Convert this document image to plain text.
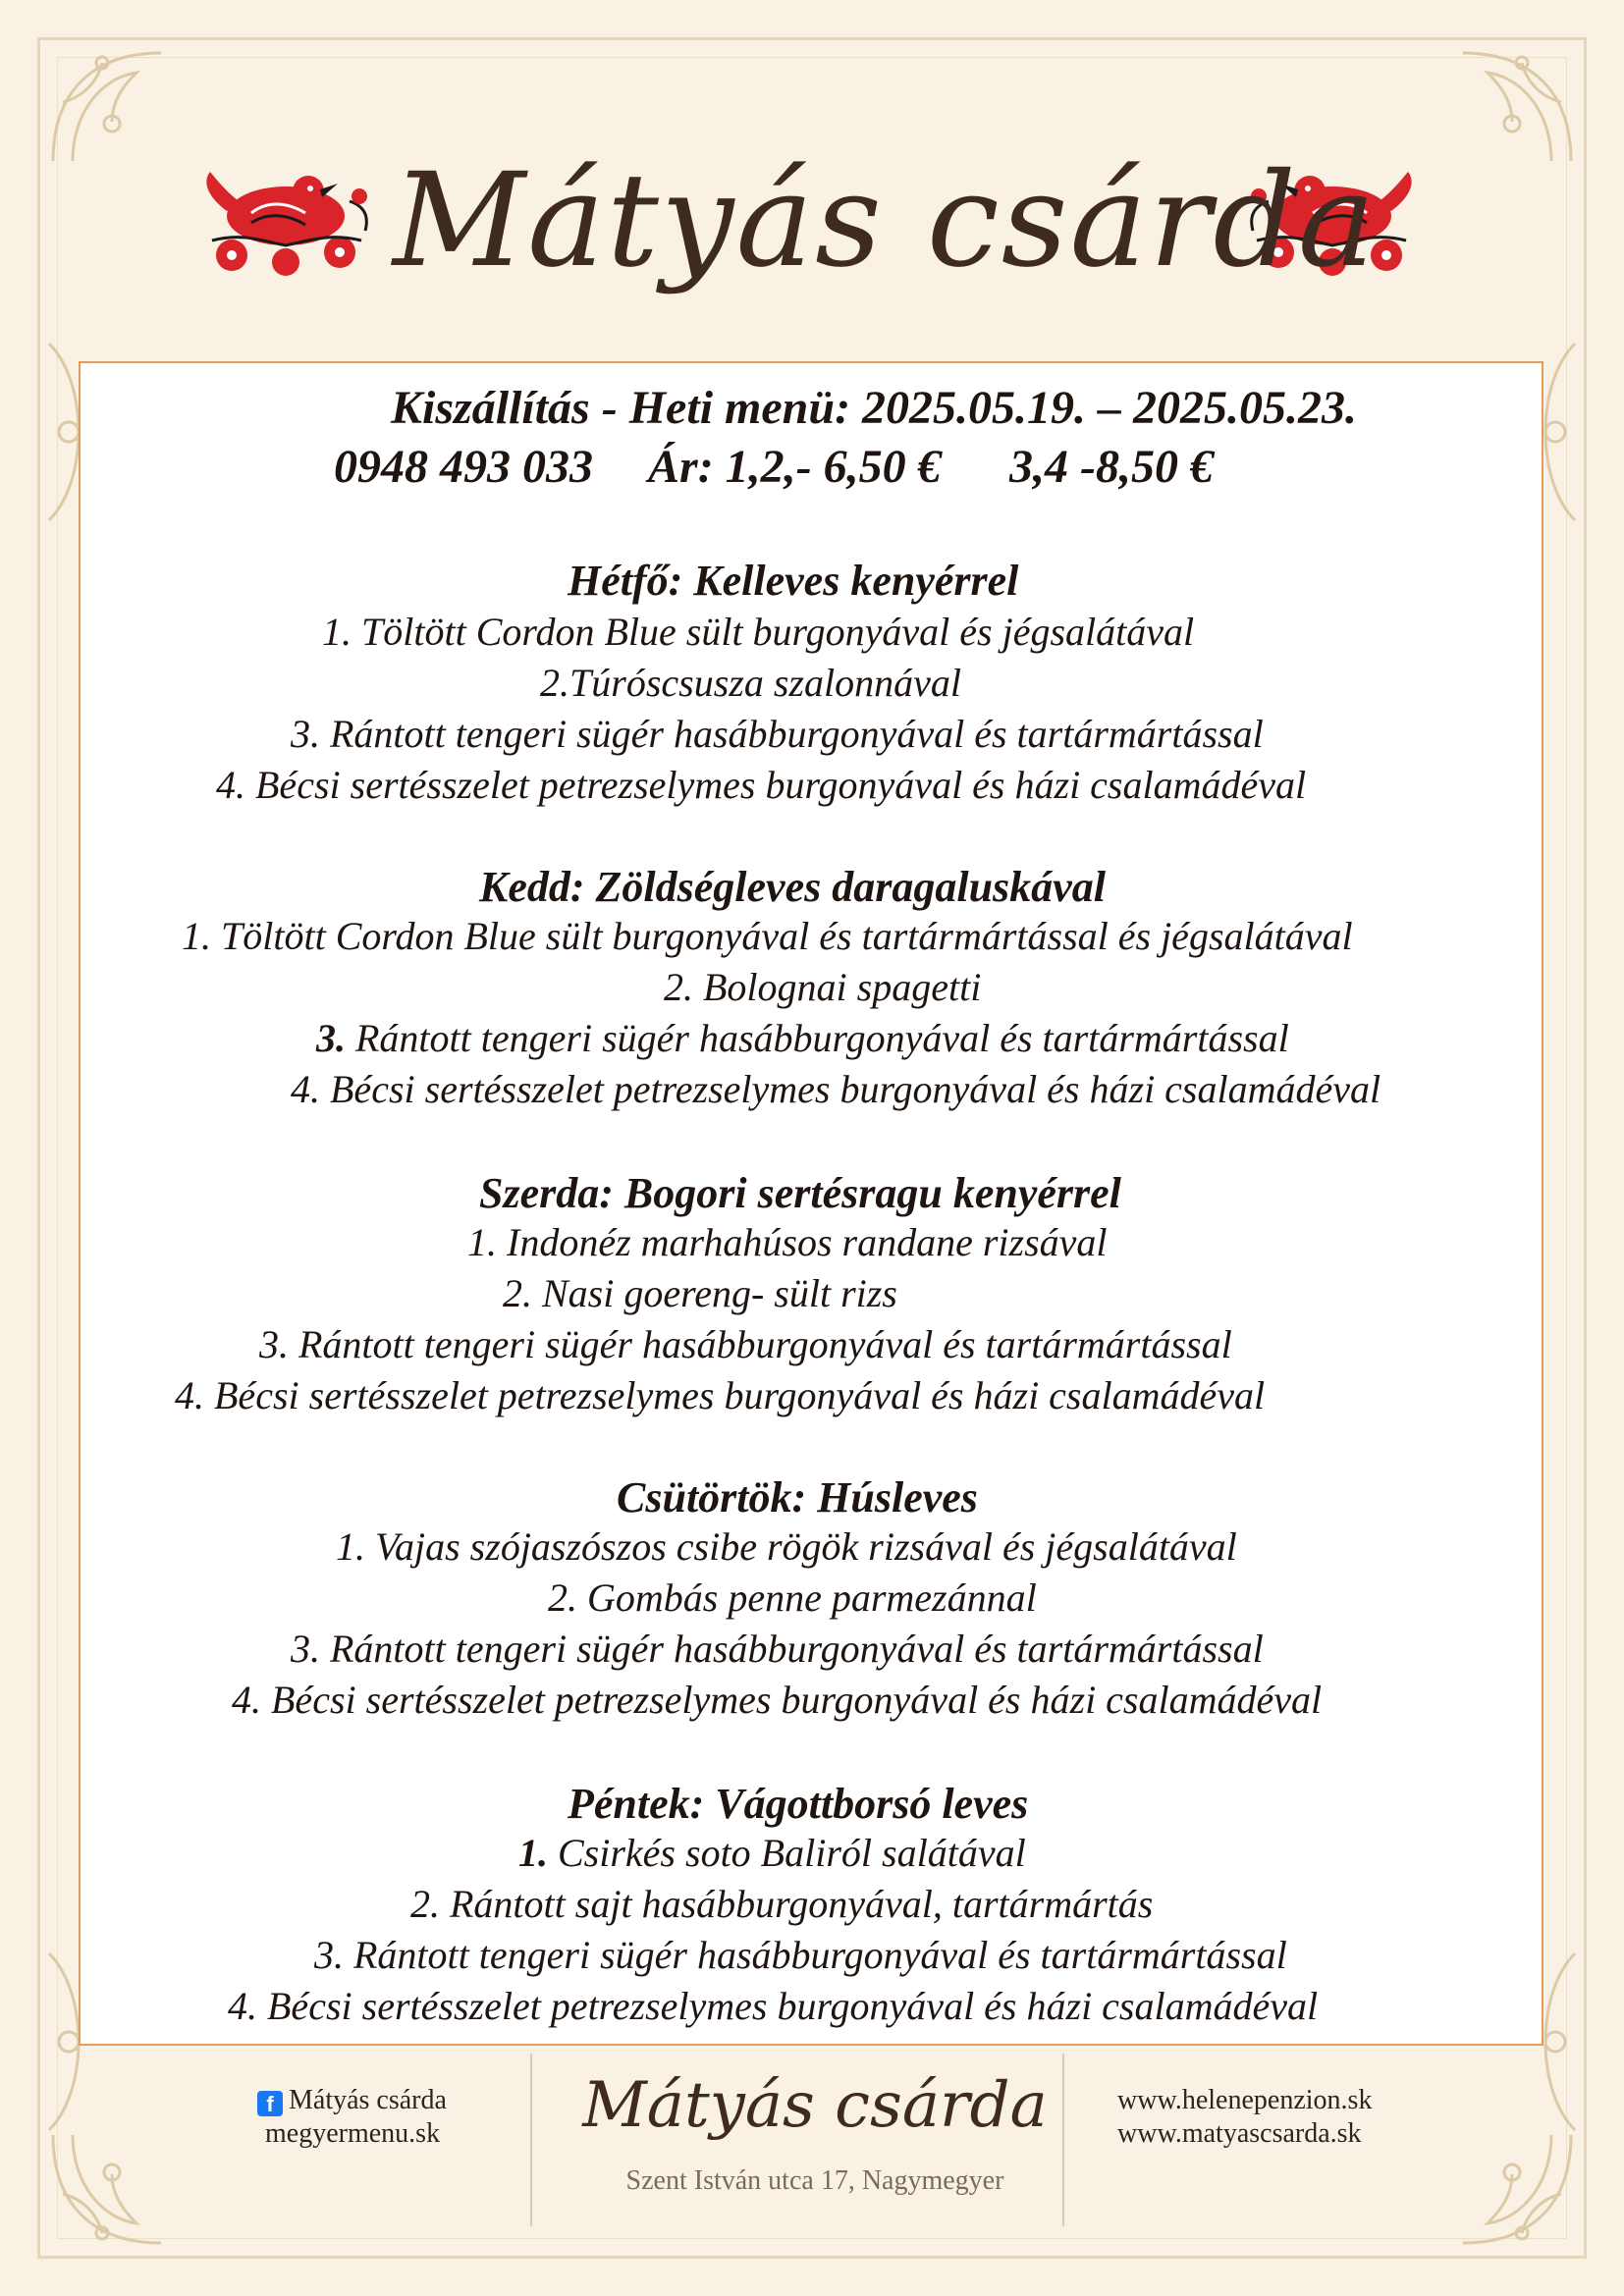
Mátyás csárda
Kiszállítás - Heti menü: 2025.05.19. – 2025.05.23.
0948 493 033 Ár: 1,2,- 6,50 € 3,4 -8,50 €
Hétfő: Kelleves kenyérrel
1. Töltött Cordon Blue sült burgonyával és jégsalátával
2.Túróscsusza szalonnával
3. Rántott tengeri sügér hasábburgonyával és tartármártással
4. Bécsi sertésszelet petrezselymes burgonyával és házi csalamádéval
Kedd: Zöldségleves daragaluskával
1. Töltött Cordon Blue sült burgonyával és tartármártással és jégsalátával
2. Bolognai spagetti
3. Rántott tengeri sügér hasábburgonyával és tartármártással
4. Bécsi sertésszelet petrezselymes burgonyával és házi csalamádéval
Szerda: Bogori sertésragu kenyérrel
1. Indonéz marhahúsos randane rizsával
2. Nasi goereng- sült rizs
3. Rántott tengeri sügér hasábburgonyával és tartármártással
4. Bécsi sertésszelet petrezselymes burgonyával és házi csalamádéval
Csütörtök: Húsleves
1. Vajas szójaszószos csibe rögök rizsával és jégsalátával
2. Gombás penne parmezánnal
3. Rántott tengeri sügér hasábburgonyával és tartármártással
4. Bécsi sertésszelet petrezselymes burgonyával és házi csalamádéval
Péntek: Vágottborsó leves
1. Csirkés soto Baliról salátával
2. Rántott sajt hasábburgonyával, tartármártás
3. Rántott tengeri sügér hasábburgonyával és tartármártással
4. Bécsi sertésszelet petrezselymes burgonyával és házi csalamádéval
f Mátyás csárda
megyermenu.sk Mátyás csárda
Szent István utca 17, Nagymegyer
www.helenepenzion.sk
www.matyascsarda.sk
